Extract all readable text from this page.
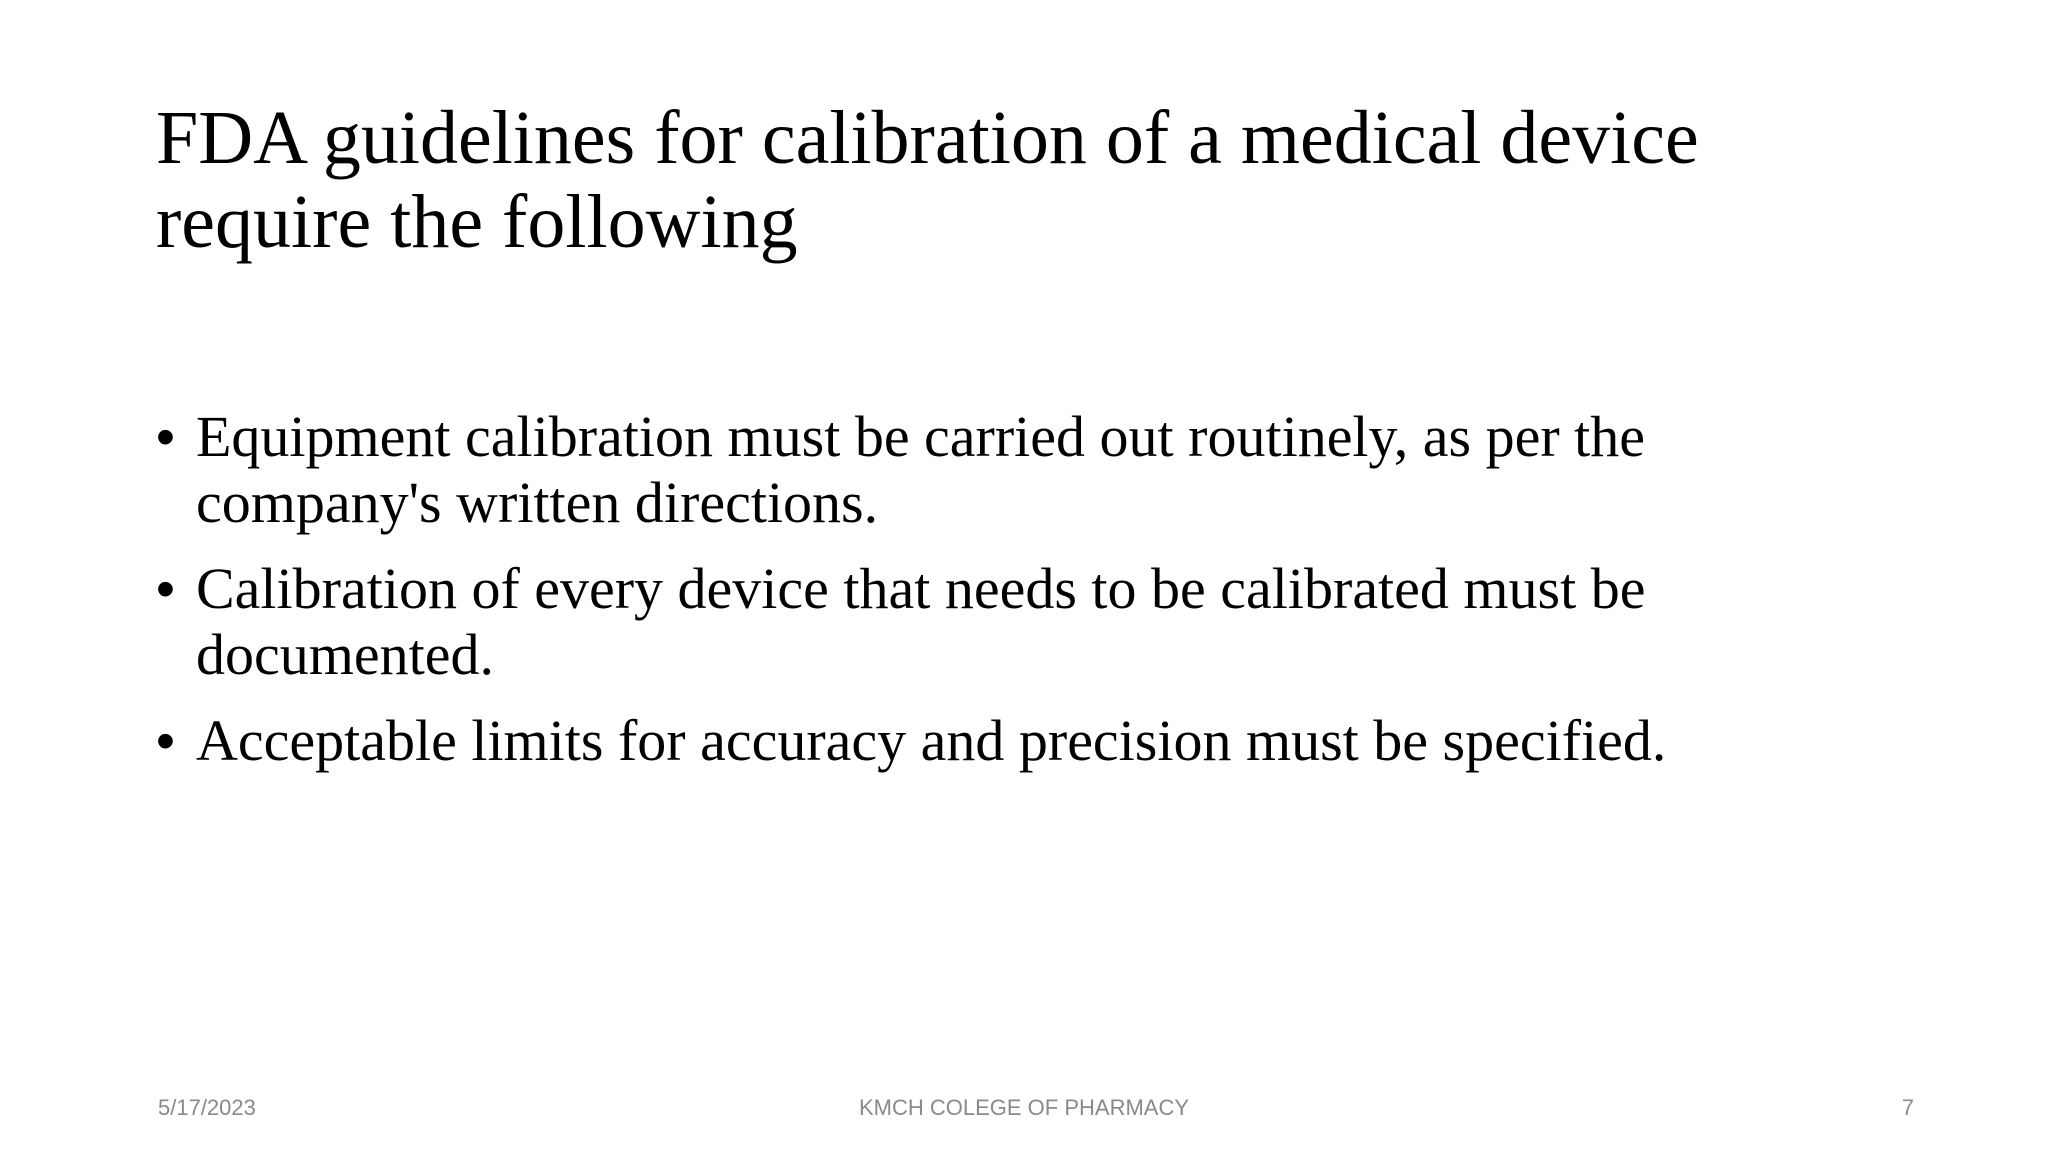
FDA guidelines for calibration of a medical device require the following
• Equipment calibration must be carried out routinely, as per the company's written directions.
• Calibration of every device that needs to be calibrated must be documented.
• Acceptable limits for accuracy and precision must be specified.
5/17/2023	KMCH COLEGE OF PHARMACY	7
